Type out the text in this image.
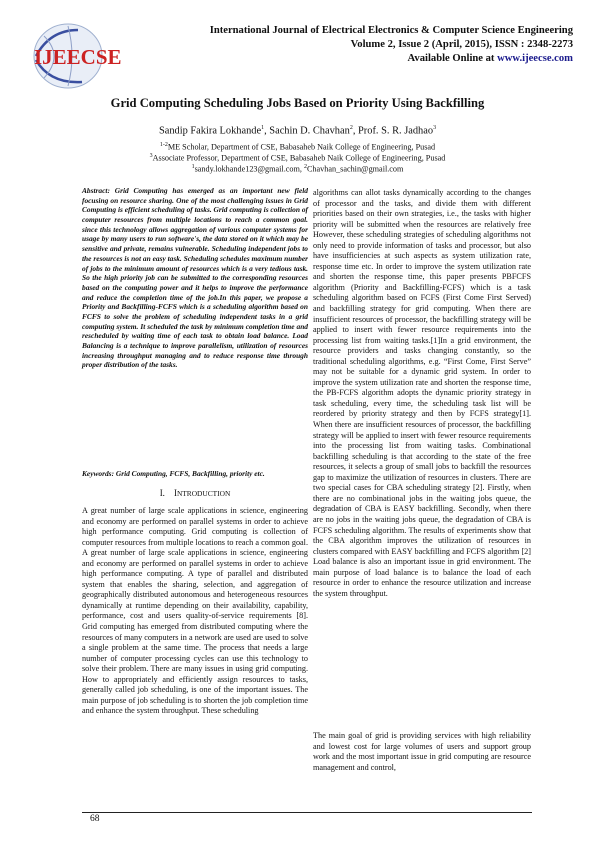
IJEECSE
International Journal of Electrical Electronics & Computer Science Engineering
Volume 2, Issue 2 (April, 2015), ISSN : 2348-2273
Available Online at www.ijeecse.com
Grid Computing Scheduling Jobs Based on Priority Using Backfilling
Sandip Fakira Lokhande$^1$, Sachin D. Chavhan$^2$, Prof. S. R. Jadhao$^3$
$^{1-2}$ME Scholar, Department of CSE, Babasaheb Naik College of Engineering, Pusad
$^3$Associate Professor, Department of CSE, Babasaheb Naik College of Engineering, Pusad
$^1$sandy.lokhande123@gmail.com, $^2$Chavhan_sachin@gmail.com
Abstract: Grid Computing has emerged as an important new field focusing on resource sharing. One of the most challenging issues in Grid Computing is efficient scheduling of tasks. Grid computing is collection of computer resources from multiple locations to reach a common goal. since this technology allows aggregation of various computer systems for usage by many users to run software's, the data stored on it which may be sensitive and private, remains vulnerable. Scheduling independent jobs to the resources is not an easy task. Scheduling schedules maximum number of jobs to the minimum amount of resources which is a very tedious task. So the high priority job can be submitted to the corresponding resources based on the computing power and it helps to improve the performance and reduce the completion time of the job.In this paper, we propose a Priority and Backfilling-FCFS which is a scheduling algorithm based on FCFS to solve the problem of scheduling independent tasks in a grid computing system. It scheduled the task by minimum completion time and rescheduled by waiting time of each task to obtain load balance. Load Balancing is a technique to improve parallelism, utilization of resources increasing throughput managing and to reduce response time through proper distribution of the tasks.
Keywords: Grid Computing, FCFS, Backfilling, priority etc.
I. INTRODUCTION
A great number of large scale applications in science, engineering and economy are performed on parallel systems in order to achieve high performance computing. Grid computing is collection of computer resources from multiple locations to reach a common goal. A great number of large scale applications in science, engineering and economy are performed on parallel systems in order to achieve high performance computing. A type of parallel and distributed system that enables the sharing, selection, and aggregation of geographically distributed autonomous and heterogeneous resources dynamically at runtime depending on their availability, capability, performance, cost and users quality-of-service requirements [8]. Grid computing has emerged from distributed computing where the resources of many computers in a network are used are used to solve a single problem at the same time. The process that needs a large number of computer processing cycles can use this technology to solve their problem. There are many issues in using grid computing. How to appropriately and efficiently assign resources to tasks, generally called job scheduling, is one of the important issues. The main purpose of job scheduling is to shorten the job completion time and enhance the system throughput. These scheduling
algorithms can allot tasks dynamically according to the changes of processor and the tasks, and divide them with different priorities based on their own strategies, i.e., the tasks with higher priority will be submitted when the resources are relatively free However, these scheduling strategies of scheduling algorithms not only need to provide information of tasks and processor, but also have insufficiencies at such aspects as system utilization rate, response time etc. In order to improve the system utilization rate and shorten the response time, this paper presents PBFCFS algorithm (Priority and Backfilling-FCFS) which is a task scheduling algorithm based on FCFS (First Come First Served) and backfilling strategy for grid computing. When there are insufficient resources of processor, the backfilling strategy will be applied to insert with fewer resource requirements into the processing list from waiting tasks.[1]In a grid environment, the resource providers and tasks changing constantly, so the traditional scheduling algorithms, e.g. “First Come, First Serve” may not be suitable for a dynamic grid system. In order to improve the system utilization rate and shorten the response time, the PB-FCFS algorithm adopts the dynamic priority strategy in task scheduling, every time, the scheduling task list will be reordered by priority strategy and then by FCFS strategy[1]. When there are insufficient resources of processor, the backfilling strategy will be applied to insert with fewer resource requirements into the processing list from waiting tasks. Combinational backfilling scheduling is that according to the state of the free resources, it selects a group of small jobs to backfill the resources gap to maximize the utilization of resources in clusters. There are two special cases for CBA scheduling strategy [2]. Firstly, when there are no combinational jobs in the waiting jobs queue, the degradation of CBA is EASY backfilling. Secondly, when there are no jobs in the waiting jobs queue, the degradation of CBA is FCFS scheduling algorithm. The results of experiments show that the CBA algorithm improves the utilization of resources in clusters compared with EASY backfilling and FCFS algorithm [2] Load balance is also an important issue in grid environment. The main purpose of load balance is to balance the load of each resource in order to enhance the resource utilization and increase the system throughput.
The main goal of grid is providing services with high reliability and lowest cost for large volumes of users and support group work and the most important issue in grid computing are resource management and control,
68
